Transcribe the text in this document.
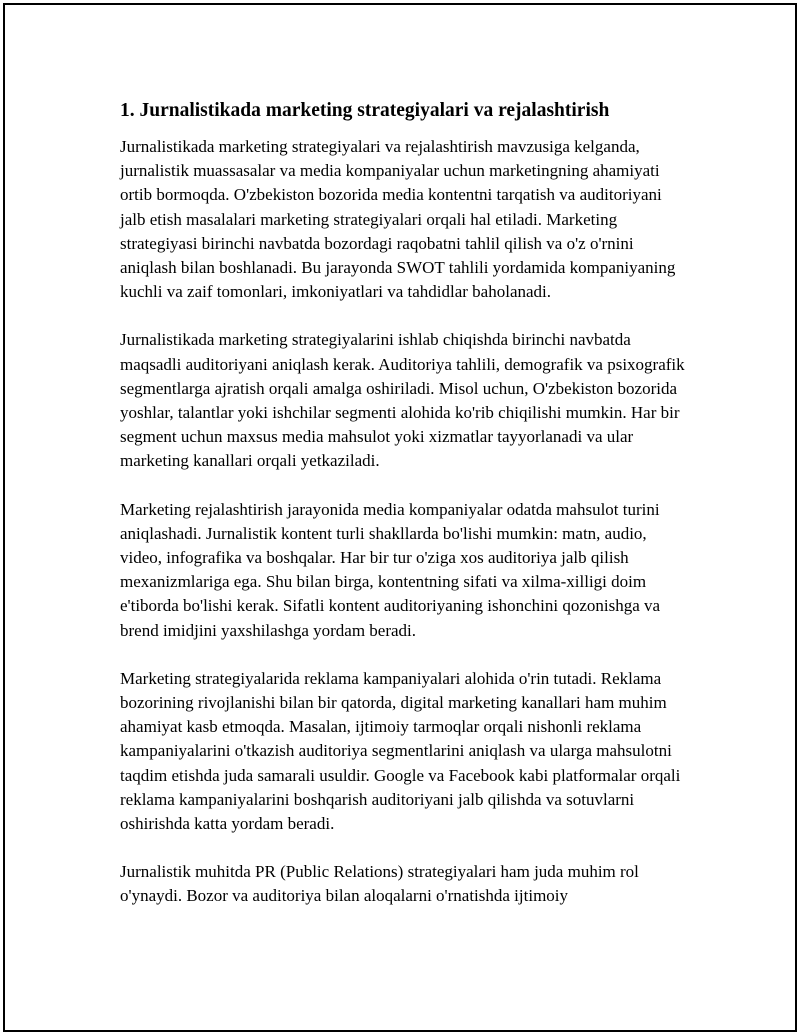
1. Jurnalistikada marketing strategiyalari va rejalashtirish

Jurnalistikada marketing strategiyalari va rejalashtirish mavzusiga kelganda, jurnalistik muassasalar va media kompaniyalar uchun marketingning ahamiyati ortib bormoqda. O'zbekiston bozorida media kontentni tarqatish va auditoriyani jalb etish masalalari marketing strategiyalari orqali hal etiladi. Marketing strategiyasi birinchi navbatda bozordagi raqobatni tahlil qilish va o'z o'rnini aniqlash bilan boshlanadi. Bu jarayonda SWOT tahlili yordamida kompaniyaning kuchli va zaif tomonlari, imkoniyatlari va tahdidlar baholanadi.

Jurnalistikada marketing strategiyalarini ishlab chiqishda birinchi navbatda maqsadli auditoriyani aniqlash kerak. Auditoriya tahlili, demografik va psixografik segmentlarga ajratish orqali amalga oshiriladi. Misol uchun, O'zbekiston bozorida yoshlar, talantlar yoki ishchilar segmenti alohida ko'rib chiqilishi mumkin. Har bir segment uchun maxsus media mahsulot yoki xizmatlar tayyorlanadi va ular marketing kanallari orqali yetkaziladi.

Marketing rejalashtirish jarayonida media kompaniyalar odatda mahsulot turini aniqlashadi. Jurnalistik kontent turli shakllarda bo'lishi mumkin: matn, audio, video, infografika va boshqalar. Har bir tur o'ziga xos auditoriya jalb qilish mexanizmlariga ega. Shu bilan birga, kontentning sifati va xilma-xilligi doim e'tiborda bo'lishi kerak. Sifatli kontent auditoriyaning ishonchini qozonishga va brend imidjini yaxshilashga yordam beradi.

Marketing strategiyalarida reklama kampaniyalari alohida o'rin tutadi. Reklama bozorining rivojlanishi bilan bir qatorda, digital marketing kanallari ham muhim ahamiyat kasb etmoqda. Masalan, ijtimoiy tarmoqlar orqali nishonli reklama kampaniyalarini o'tkazish auditoriya segmentlarini aniqlash va ularga mahsulotni taqdim etishda juda samarali usuldir. Google va Facebook kabi platformalar orqali reklama kampaniyalarini boshqarish auditoriyani jalb qilishda va sotuvlarni oshirishda katta yordam beradi.

Jurnalistik muhitda PR (Public Relations) strategiyalari ham juda muhim rol o'ynaydi. Bozor va auditoriya bilan aloqalarni o'rnatishda ijtimoiy
